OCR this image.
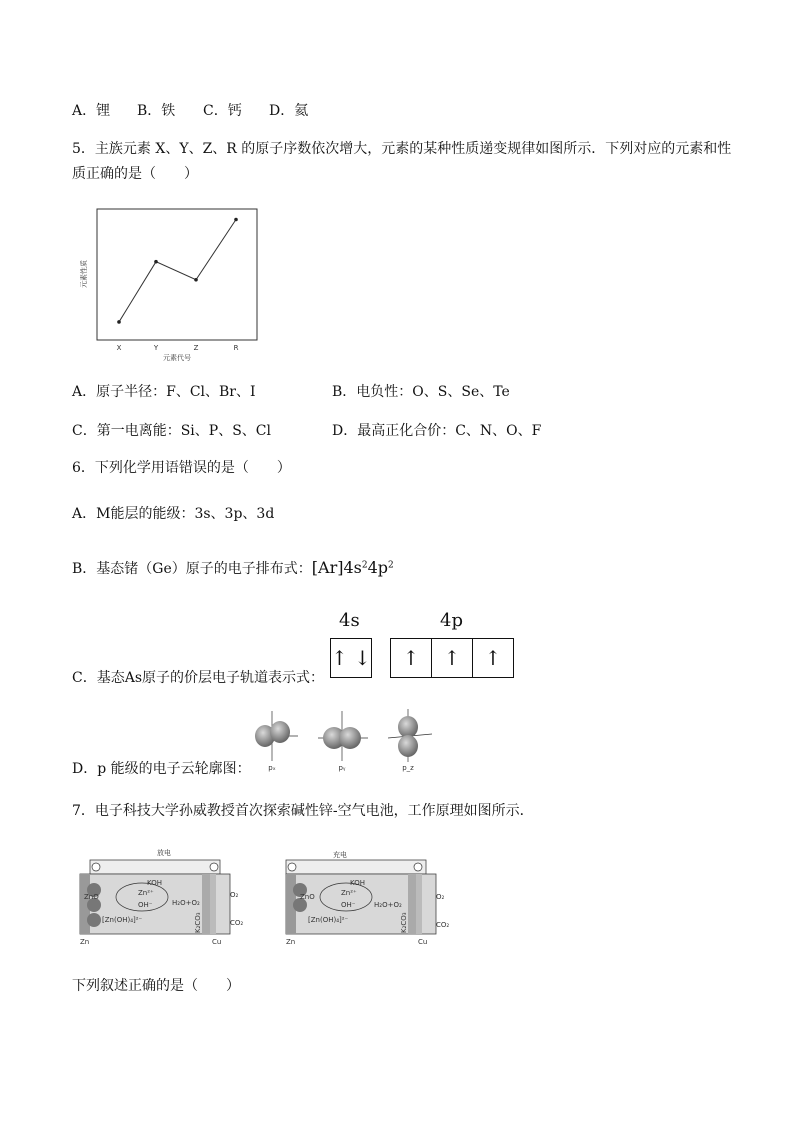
A．锂 B．铁 C．钙 D．氦
5．主族元素 X、Y、Z、R 的原子序数依次增大，元素的某种性质递变规律如图所示．下列对应的元素和性
质正确的是（　　）
元素性质
X	Y	Z	R
元素代号
A．原子半径：F、Cl、Br、I	B．电负性：O、S、Se、Te
C．第一电离能：Si、P、S、Cl	D．最高正化合价：C、N、O、F
6．下列化学用语错误的是（　　）
A．M能层的能级：3s、3p、3d
B．基态锗（Ge）原子的电子排布式：$[Ar]4s^24p^2$
4s	4p
↑ ↓	↑	↑	↑
C．基态As原子的价层电子轨道表示式：
pₓ	pᵧ	p_z
D．p 能级的电子云轮廓图：
7．电子科技大学孙威教授首次探索碱性锌-空气电池，工作原理如图所示．
放电
KOH
Zn²⁺
OH⁻
ZnO
[Zn(OH)₄]²⁻
H₂O+O₂
O₂
CO₂
K₂CO₃
Zn	Cu
充电
KOH
Zn²⁺
OH⁻
ZnO
[Zn(OH)₄]²⁻
H₂O+O₂
O₂
CO₂
K₂CO₃
Zn	Cu
下列叙述正确的是（　　）
